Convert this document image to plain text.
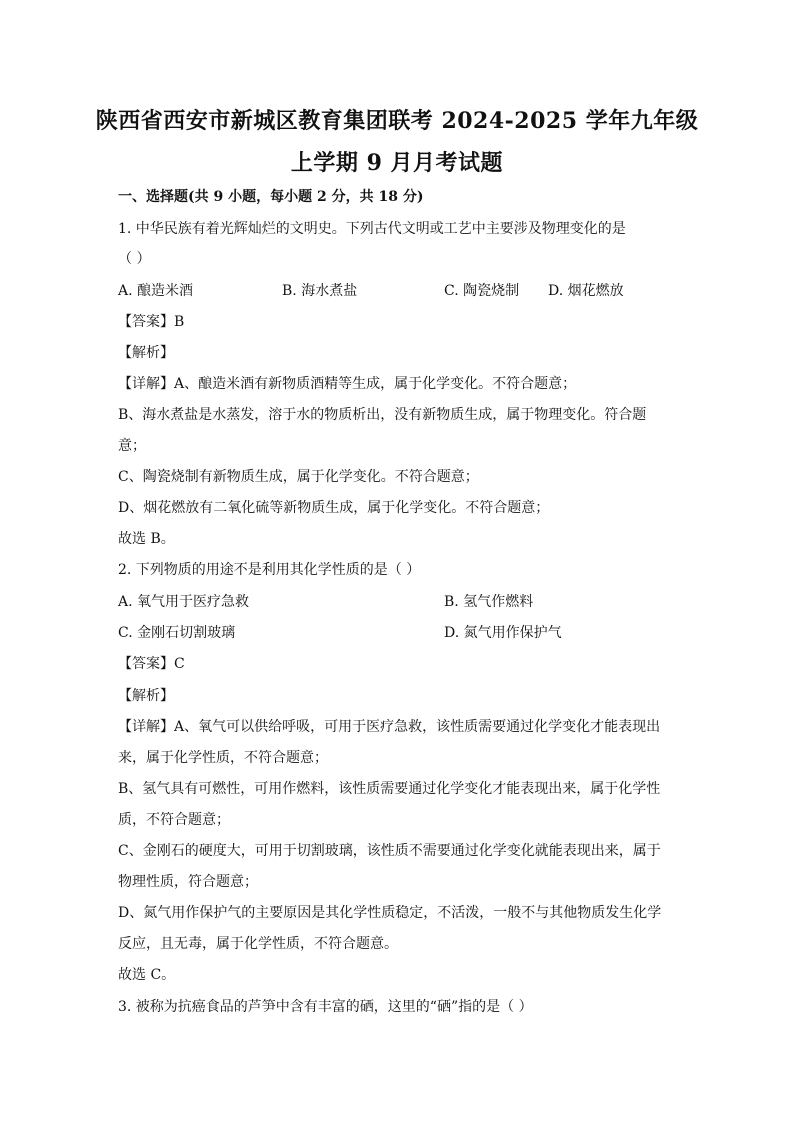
陕西省西安市新城区教育集团联考 2024-2025 学年九年级
上学期 9 月月考试题
一、选择题(共 9 小题，每小题 2 分，共 18 分)
1. 中华民族有着光辉灿烂的文明史。下列古代文明或工艺中主要涉及物理变化的是
（ ）
A. 酿造米酒	B. 海水煮盐	C. 陶瓷烧制 D. 烟花燃放
【答案】B
【解析】
【详解】A、酿造米酒有新物质酒精等生成，属于化学变化。不符合题意；
B、海水煮盐是水蒸发，溶于水的物质析出，没有新物质生成，属于物理变化。符合题
意；
C、陶瓷烧制有新物质生成，属于化学变化。不符合题意；
D、烟花燃放有二氧化硫等新物质生成，属于化学变化。不符合题意；
故选 B。
2. 下列物质的用途不是利用其化学性质的是（ ）
A. 氧气用于医疗急救	B. 氢气作燃料
C. 金刚石切割玻璃	D. 氮气用作保护气
【答案】C
【解析】
【详解】A、氧气可以供给呼吸，可用于医疗急救，该性质需要通过化学变化才能表现出
来，属于化学性质，不符合题意；
B、氢气具有可燃性，可用作燃料，该性质需要通过化学变化才能表现出来，属于化学性
质，不符合题意；
C、金刚石的硬度大，可用于切割玻璃，该性质不需要通过化学变化就能表现出来，属于
物理性质，符合题意；
D、氮气用作保护气的主要原因是其化学性质稳定，不活泼，一般不与其他物质发生化学
反应，且无毒，属于化学性质，不符合题意。
故选 C。
3. 被称为抗癌食品的芦笋中含有丰富的硒，这里的“硒”指的是（ ）
